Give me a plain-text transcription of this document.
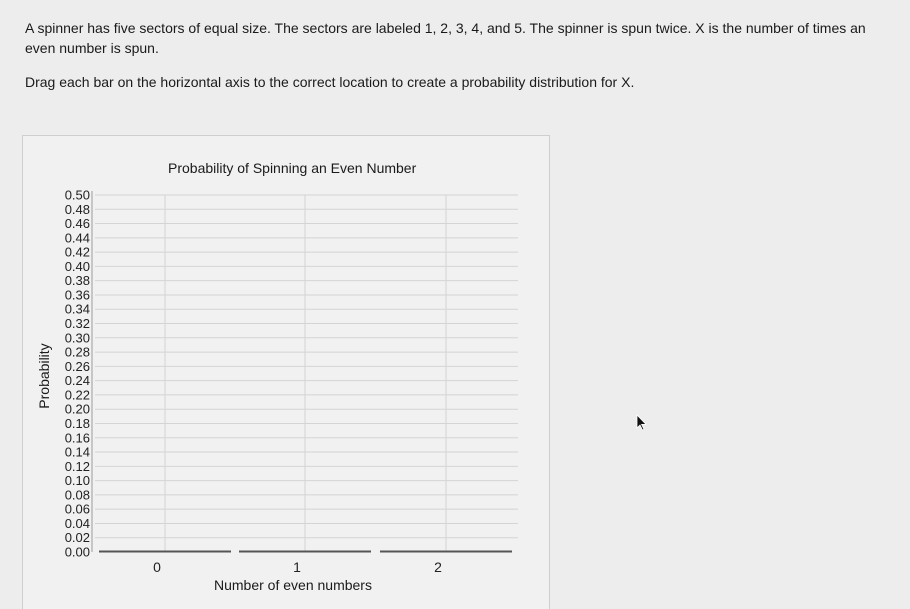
A spinner has five sectors of equal size. The sectors are labeled 1, 2, 3, 4, and 5. The spinner is spun twice. X is the number of times an even number is spun.
Drag each bar on the horizontal axis to the correct location to create a probability distribution for X.
0.00
0.02
0.04
0.06
0.08
0.10
0.12
0.14
0.16
0.18
0.20
0.22
0.24
0.26
0.28
0.30
0.32
0.34
0.36
0.38
0.40
0.42
0.44
0.46
0.48
0.50
0	1	2
Probability of Spinning an Even Number
Probability
Number of even numbers
